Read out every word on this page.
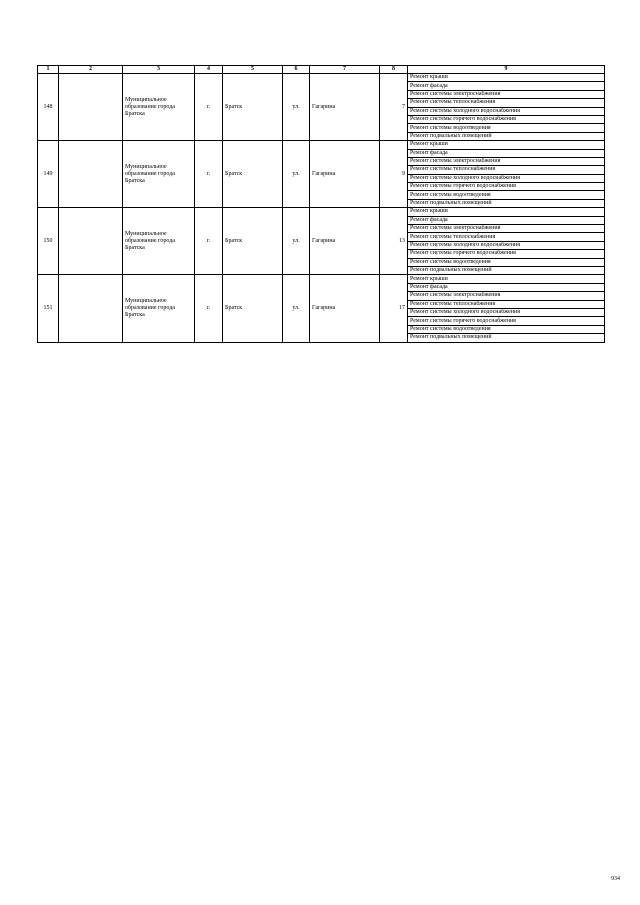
1	2	3	4	5	6	7	8	9
148		Муниципальное образование города Братска	г.	Братск	ул.	Гагарина	7	Ремонт крыши
								Ремонт фасада
								Ремонт системы электроснабжения
								Ремонт системы теплоснабжения
								Ремонт системы холодного водоснабжения
								Ремонт системы горячего водоснабжения
								Ремонт системы водоотведения
								Ремонт подвальных помещений
149		Муниципальное образование города Братска	г.	Братск	ул.	Гагарина	9	Ремонт крыши
								Ремонт фасада
								Ремонт системы электроснабжения
								Ремонт системы теплоснабжения
								Ремонт системы холодного водоснабжения
								Ремонт системы горячего водоснабжения
								Ремонт системы водоотведения
								Ремонт подвальных помещений
150		Муниципальное образование города Братска	г.	Братск	ул.	Гагарина	13	Ремонт крыши
								Ремонт фасада
								Ремонт системы электроснабжения
								Ремонт системы теплоснабжения
								Ремонт системы холодного водоснабжения
								Ремонт системы горячего водоснабжения
								Ремонт системы водоотведения
								Ремонт подвальных помещений
151		Муниципальное образование города Братска	г.	Братск	ул.	Гагарина	17	Ремонт крыши
								Ремонт фасада
								Ремонт системы электроснабжения
								Ремонт системы теплоснабжения
								Ремонт системы холодного водоснабжения
								Ремонт системы горячего водоснабжения
								Ремонт системы водоотведения
								Ремонт подвальных помещений
934
